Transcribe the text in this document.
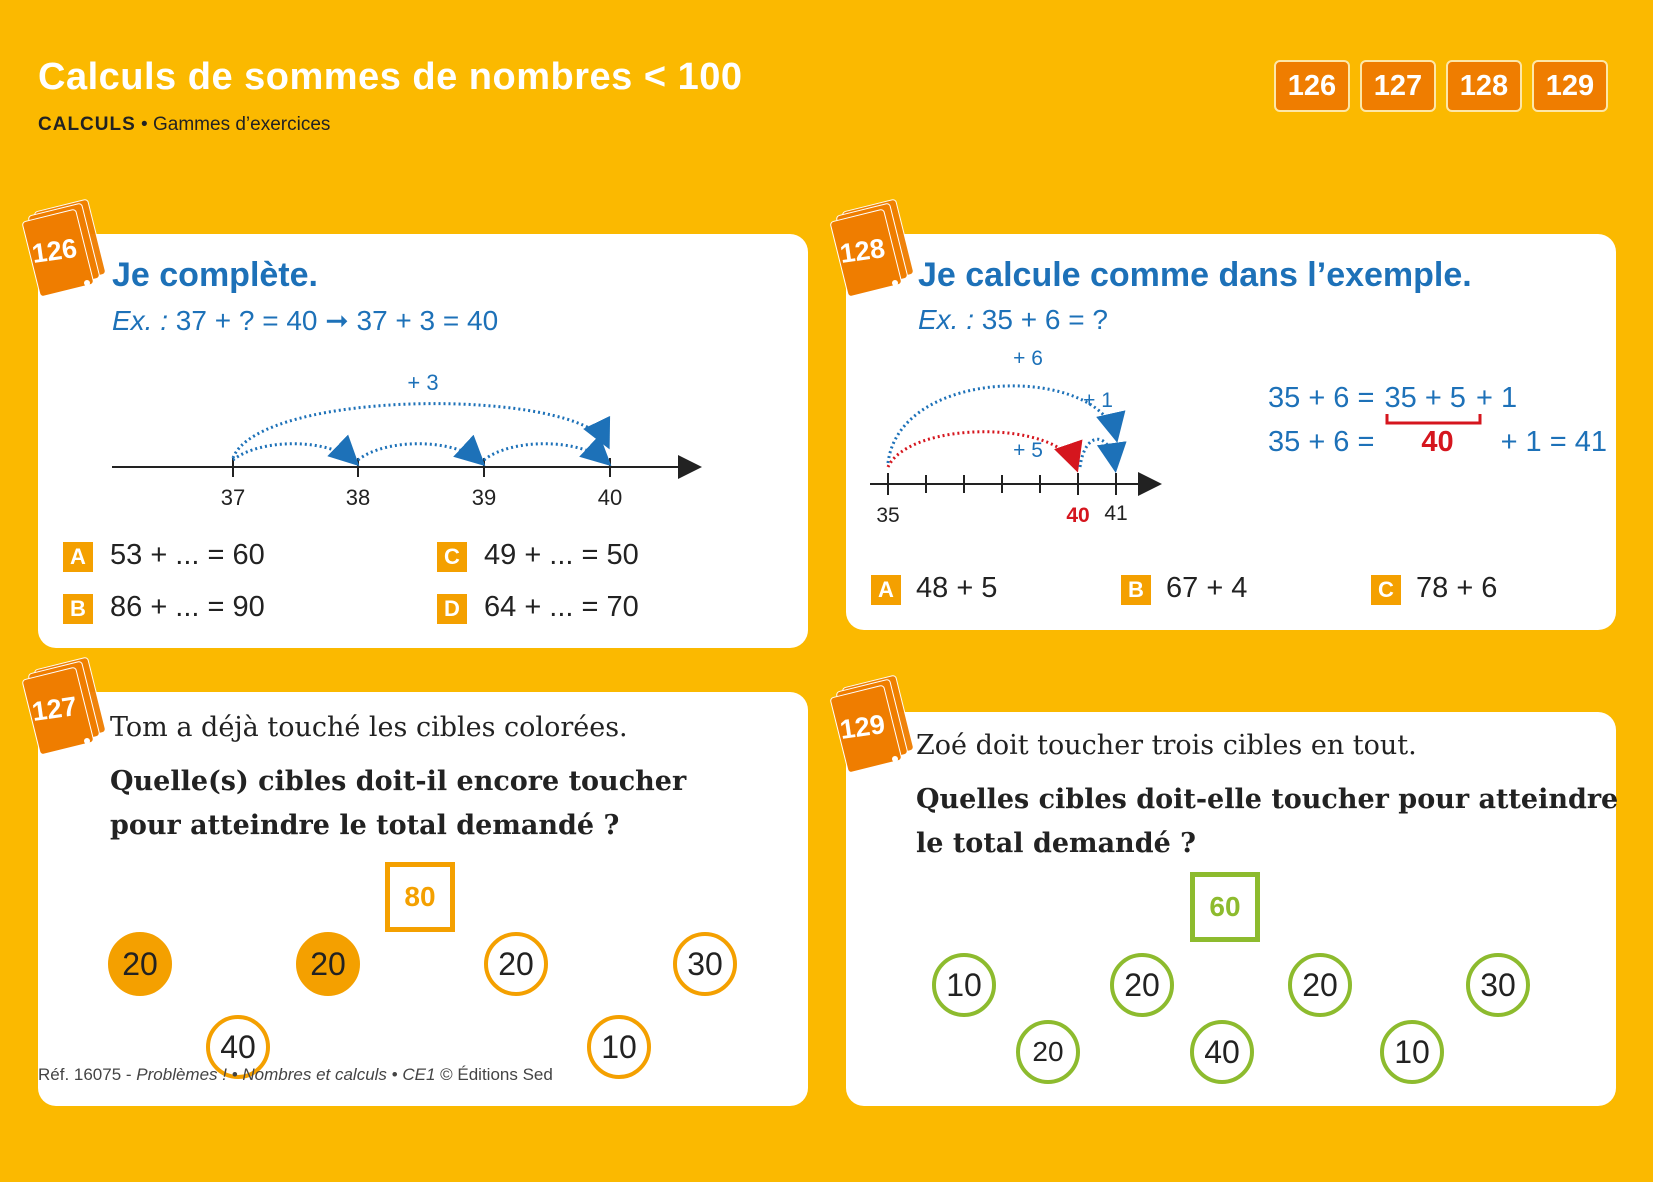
Calculs de sommes de nombres < 100
CALCULS • Gammes d’exercices
126	127	128	129
126
Je complète.
Ex. : 37 + ? = 40 ➞ 37 + 3 = 40
+ 3
37	38	39	40
A 53 + ... = 60
B 86 + ... = 90
C 49 + ... = 50
D 64 + ... = 70
128
Je calcule comme dans l’exemple.
Ex. : 35 + 6 = ?
+ 6
+ 5
+ 1
35	40 41
35 + 6 = 35 + 5 + 1
35 + 6 = 40 + 1 = 41
A 48 + 5	B 67 + 4	C 78 + 6
127
Tom a déjà touché les cibles colorées.
Quelle(s) cibles doit-il encore toucher
pour atteindre le total demandé ?
80
20	20	20	30
40	10
129
Zoé doit toucher trois cibles en tout.
Quelles cibles doit-elle toucher pour atteindre
le total demandé ?
60
10	20	20	30
20	40	10
Réf. 16075 - Problèmes ! • Nombres et calculs • CE1 © Éditions Sed	52
